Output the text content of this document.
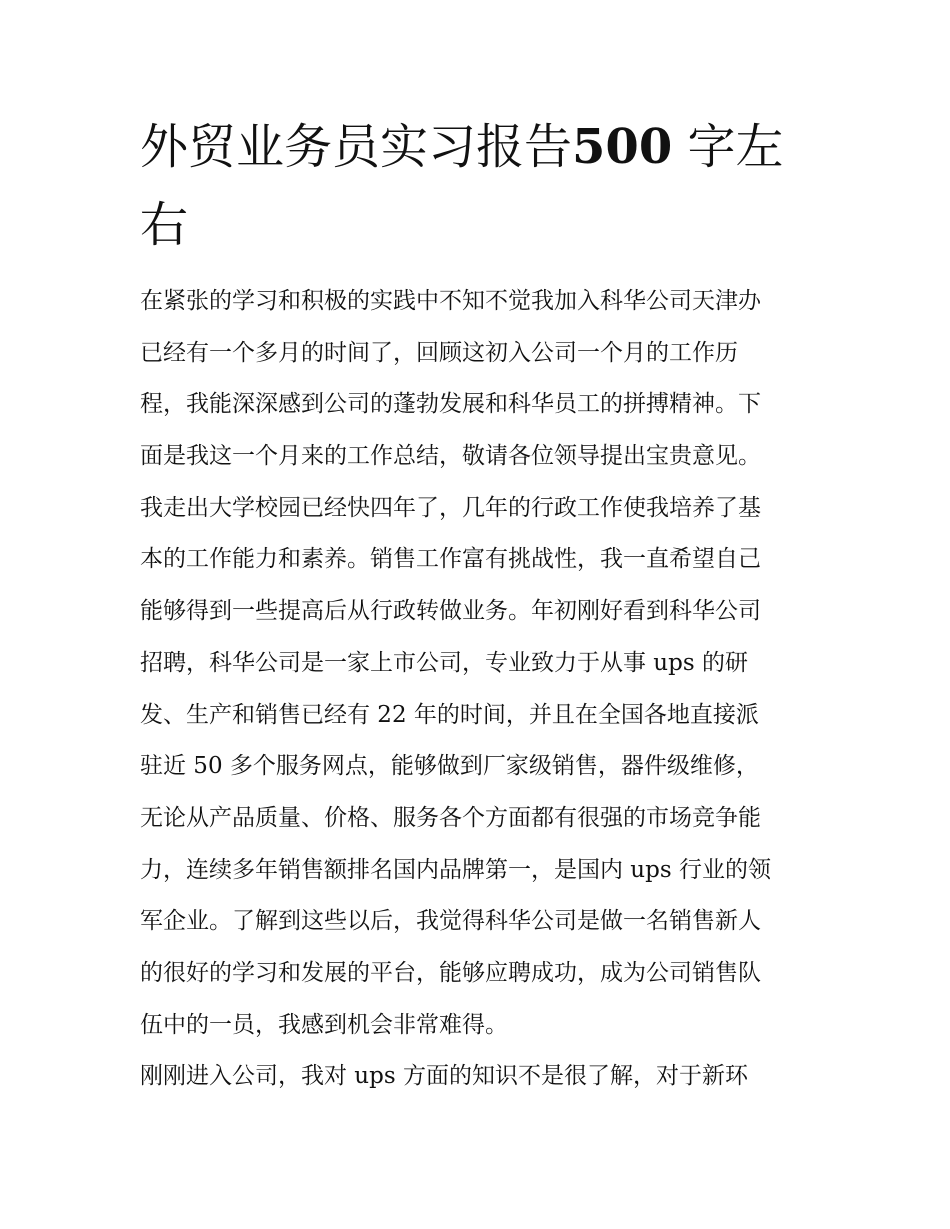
外贸业务员实习报告500 字左
右
在紧张的学习和积极的实践中不知不觉我加入科华公司天津办
已经有一个多月的时间了，回顾这初入公司一个月的工作历
程，我能深深感到公司的蓬勃发展和科华员工的拼搏精神。下
面是我这一个月来的工作总结，敬请各位领导提出宝贵意见。
我走出大学校园已经快四年了，几年的行政工作使我培养了基
本的工作能力和素养。销售工作富有挑战性，我一直希望自己
能够得到一些提高后从行政转做业务。年初刚好看到科华公司
招聘，科华公司是一家上市公司，专业致力于从事 ups 的研
发、生产和销售已经有 22 年的时间，并且在全国各地直接派
驻近 50 多个服务网点，能够做到厂家级销售，器件级维修，
无论从产品质量、价格、服务各个方面都有很强的市场竞争能
力，连续多年销售额排名国内品牌第一，是国内 ups 行业的领
军企业。了解到这些以后，我觉得科华公司是做一名销售新人
的很好的学习和发展的平台，能够应聘成功，成为公司销售队
伍中的一员，我感到机会非常难得。
刚刚进入公司，我对 ups 方面的知识不是很了解，对于新环
